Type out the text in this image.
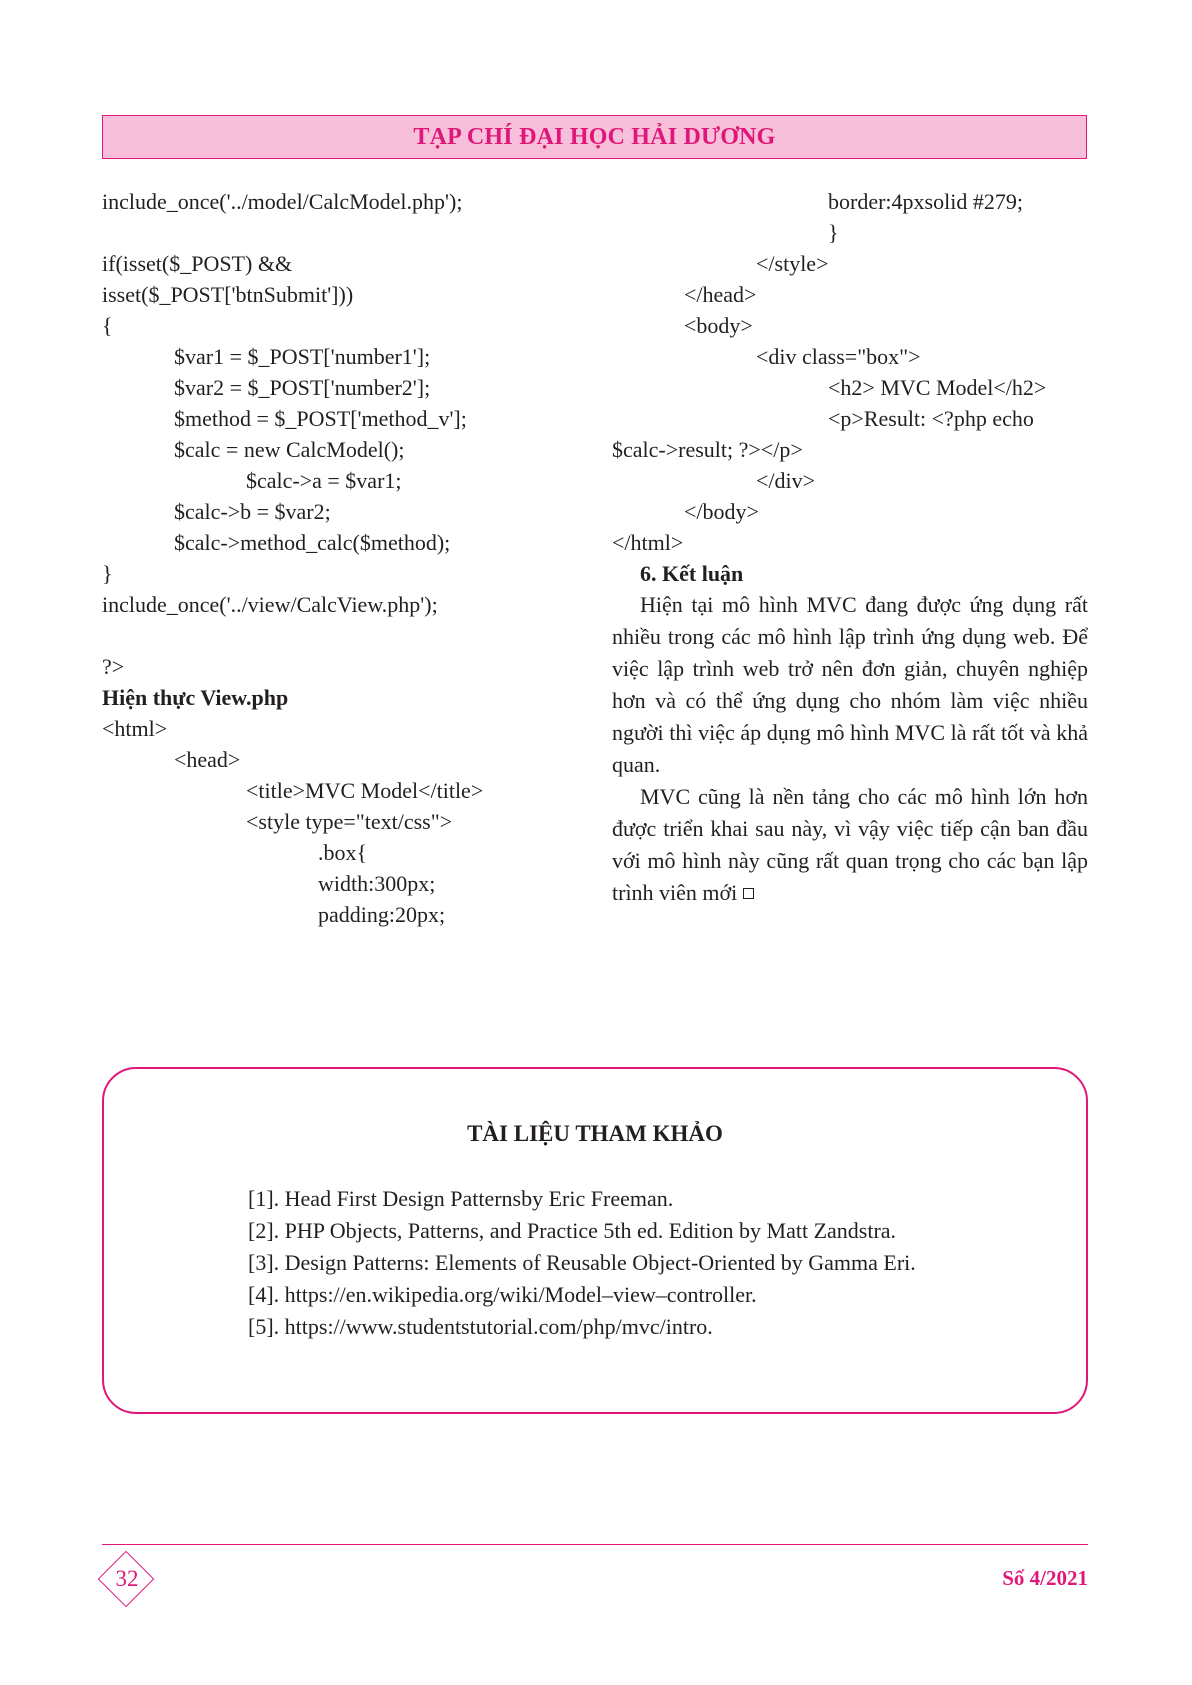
TẠP CHÍ ĐẠI HỌC HẢI DƯƠNG
include_once('../model/CalcModel.php');
if(isset($_POST) &&
isset($_POST['btnSubmit']))
{
$var1 = $_POST['number1'];
$var2 = $_POST['number2'];
$method = $_POST['method_v'];
$calc = new CalcModel();
$calc->a = $var1;
$calc->b = $var2;
$calc->method_calc($method);
}
include_once('../view/CalcView.php');
?>
Hiện thực View.php
<html>
<head>
<title>MVC Model</title>
<style type="text/css">
.box{
width:300px;
padding:20px;
border:4pxsolid #279;
}
</style>
</head>
<body>
<div class="box">
<h2> MVC Model</h2>
<p>Result: <?php echo
$calc->result; ?></p>
</div>
</body>
</html>
6. Kết luận

Hiện tại mô hình MVC đang được ứng dụng rất nhiều trong các mô hình lập trình ứng dụng web. Để việc lập trình web trở nên đơn giản, chuyên nghiệp hơn và có thể ứng dụng cho nhóm làm việc nhiều người thì việc áp dụng mô hình MVC là rất tốt và khả quan.

MVC cũng là nền tảng cho các mô hình lớn hơn được triển khai sau này, vì vậy việc tiếp cận ban đầu với mô hình này cũng rất quan trọng cho các bạn lập trình viên mới

TÀI LIỆU THAM KHẢO
[1]. Head First Design Patternsby Eric Freeman.
[2]. PHP Objects, Patterns, and Practice 5th ed. Edition by Matt Zandstra.
[3]. Design Patterns: Elements of Reusable Object-Oriented by Gamma Eri.
[4]. https://en.wikipedia.org/wiki/Model–view–controller.
[5]. https://www.studentstutorial.com/php/mvc/intro.
32	Số 4/2021
